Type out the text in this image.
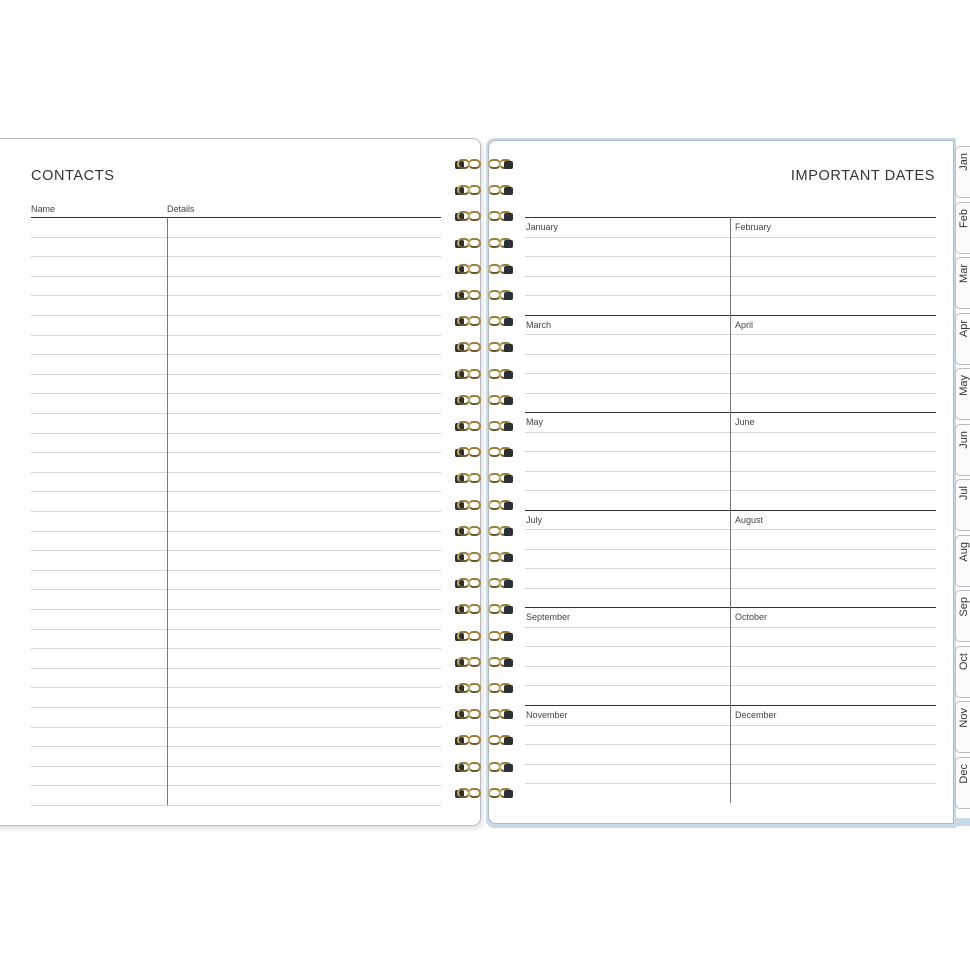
CONTACTS
Name	Details
IMPORTANT DATES
January	February
March	April
May	June
July	August
September	October
November	December
Jan
Feb
Mar
Apr
May
Jun
Jul
Aug
Sep
Oct
Nov
Dec
